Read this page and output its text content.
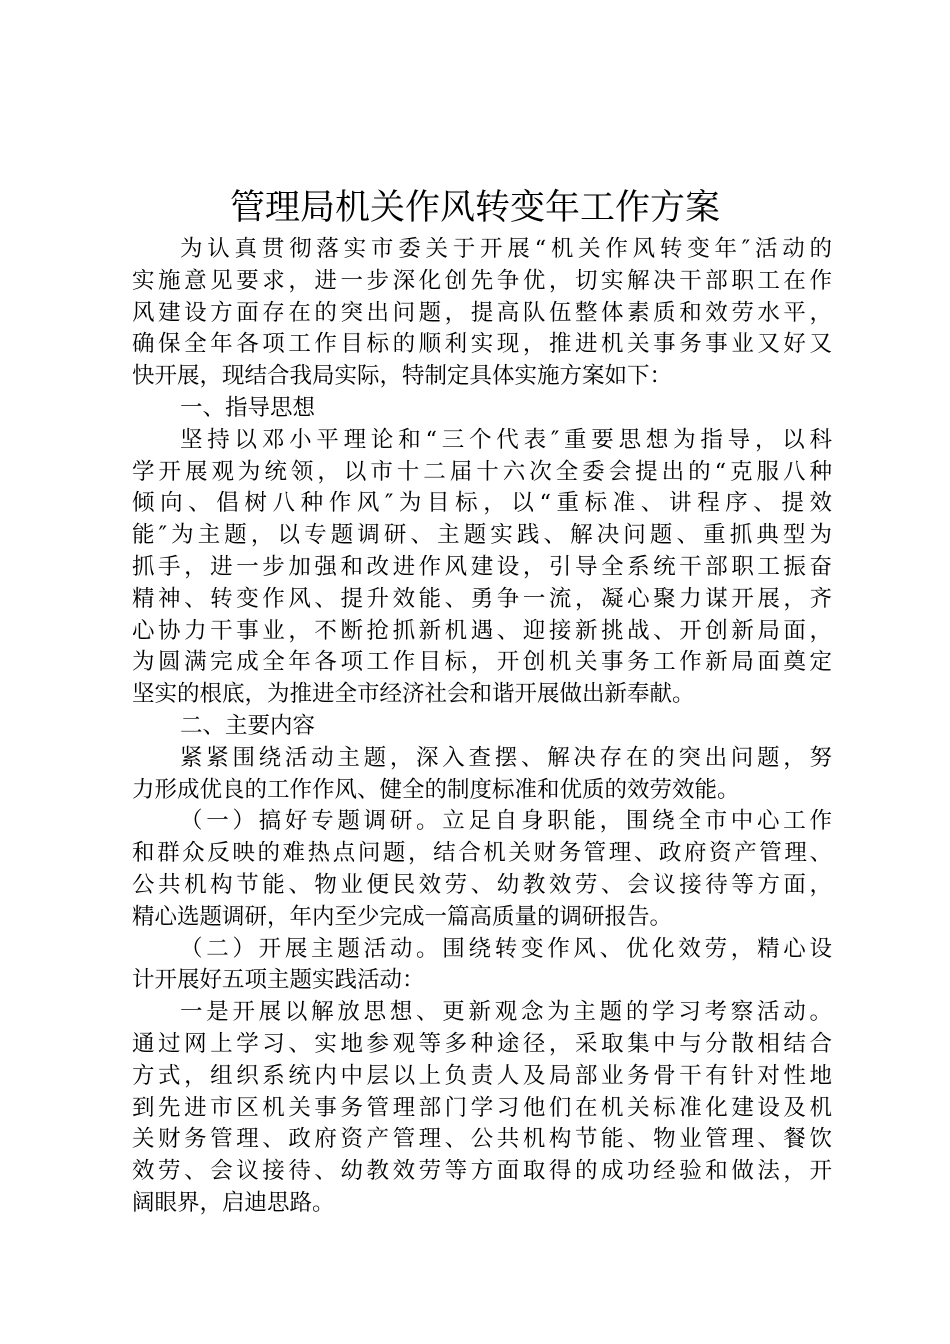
管理局机关作风转变年工作方案
为认真贯彻落实市委关于开展“机关作风转变年″活动的
实施意见要求，进一步深化创先争优，切实解决干部职工在作
风建设方面存在的突出问题，提高队伍整体素质和效劳水平，
确保全年各项工作目标的顺利实现，推进机关事务事业又好又
快开展，现结合我局实际，特制定具体实施方案如下：
一、指导思想
坚持以邓小平理论和“三个代表″重要思想为指导，以科
学开展观为统领，以市十二届十六次全委会提出的“克服八种
倾向、倡树八种作风″为目标，以“重标准、讲程序、提效
能″为主题，以专题调研、主题实践、解决问题、重抓典型为
抓手，进一步加强和改进作风建设，引导全系统干部职工振奋
精神、转变作风、提升效能、勇争一流，凝心聚力谋开展，齐
心协力干事业，不断抢抓新机遇、迎接新挑战、开创新局面，
为圆满完成全年各项工作目标，开创机关事务工作新局面奠定
坚实的根底，为推进全市经济社会和谐开展做出新奉献。
二、主要内容
紧紧围绕活动主题，深入查摆、解决存在的突出问题，努
力形成优良的工作作风、健全的制度标准和优质的效劳效能。
（一）搞好专题调研。立足自身职能，围绕全市中心工作
和群众反映的难热点问题，结合机关财务管理、政府资产管理、
公共机构节能、物业便民效劳、幼教效劳、会议接待等方面，
精心选题调研，年内至少完成一篇高质量的调研报告。
（二）开展主题活动。围绕转变作风、优化效劳，精心设
计开展好五项主题实践活动：
一是开展以解放思想、更新观念为主题的学习考察活动。
通过网上学习、实地参观等多种途径，采取集中与分散相结合
方式，组织系统内中层以上负责人及局部业务骨干有针对性地
到先进市区机关事务管理部门学习他们在机关标准化建设及机
关财务管理、政府资产管理、公共机构节能、物业管理、餐饮
效劳、会议接待、幼教效劳等方面取得的成功经验和做法，开
阔眼界，启迪思路。
